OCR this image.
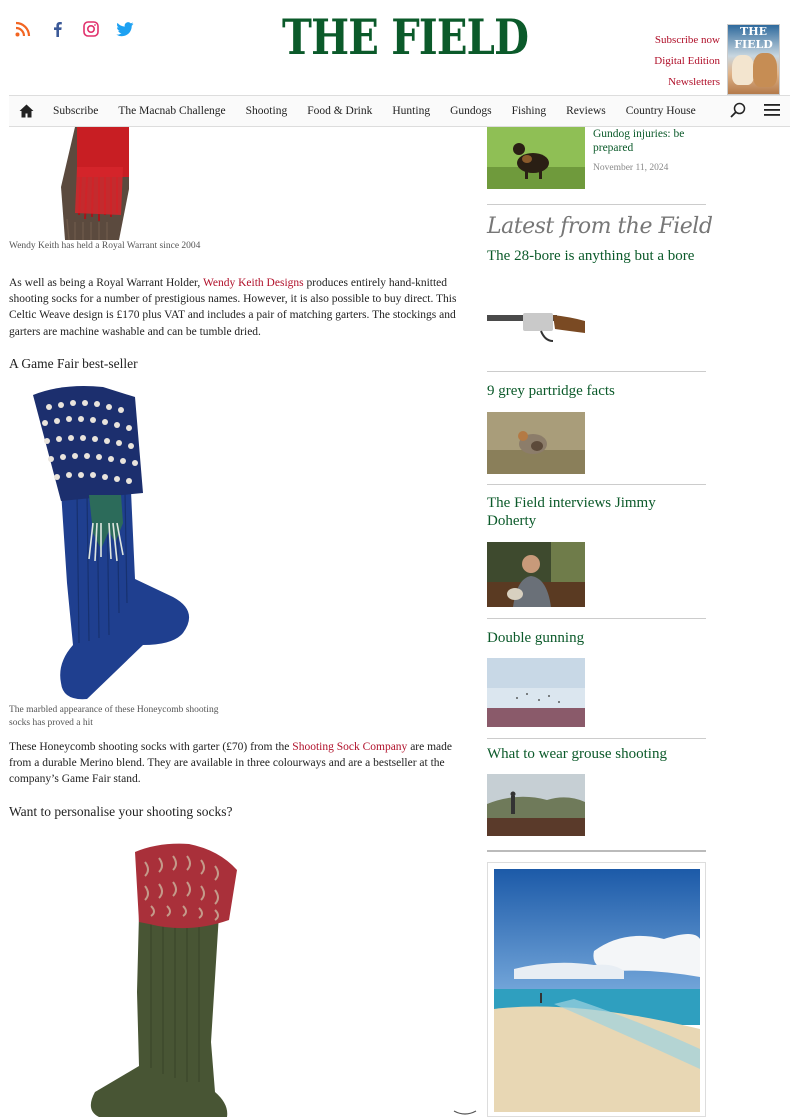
THE FIELD	Subscribe now
Digital Edition
Newsletters
THE FIELD
Subscribe	The Macnab Challenge	Shooting	Food & Drink	Hunting	Gundogs	Fishing	Reviews	Country House
Wendy Keith has held a Royal Warrant since 2004

As well as being a Royal Warrant Holder, Wendy Keith Designs produces entirely hand-knitted shooting socks for a number of prestigious names. However, it is also possible to buy direct. This Celtic Weave design is £170 plus VAT and includes a pair of matching garters. The stockings and garters are machine washable and can be tumble dried.

A Game Fair best-seller
The marbled appearance of these Honeycomb shooting socks has proved a hit

These Honeycomb shooting socks with garter (£70) from the Shooting Sock Company are made from a durable Merino blend. They are available in three colourways and are a bestseller at the company’s Game Fair stand.

Want to personalise your shooting socks?
Gundog injuries: be prepared
November 11, 2024
Latest from the Field
The 28-bore is anything but a bore
9 grey partridge facts
The Field interviews Jimmy Doherty
Double gunning
What to wear grouse shooting
